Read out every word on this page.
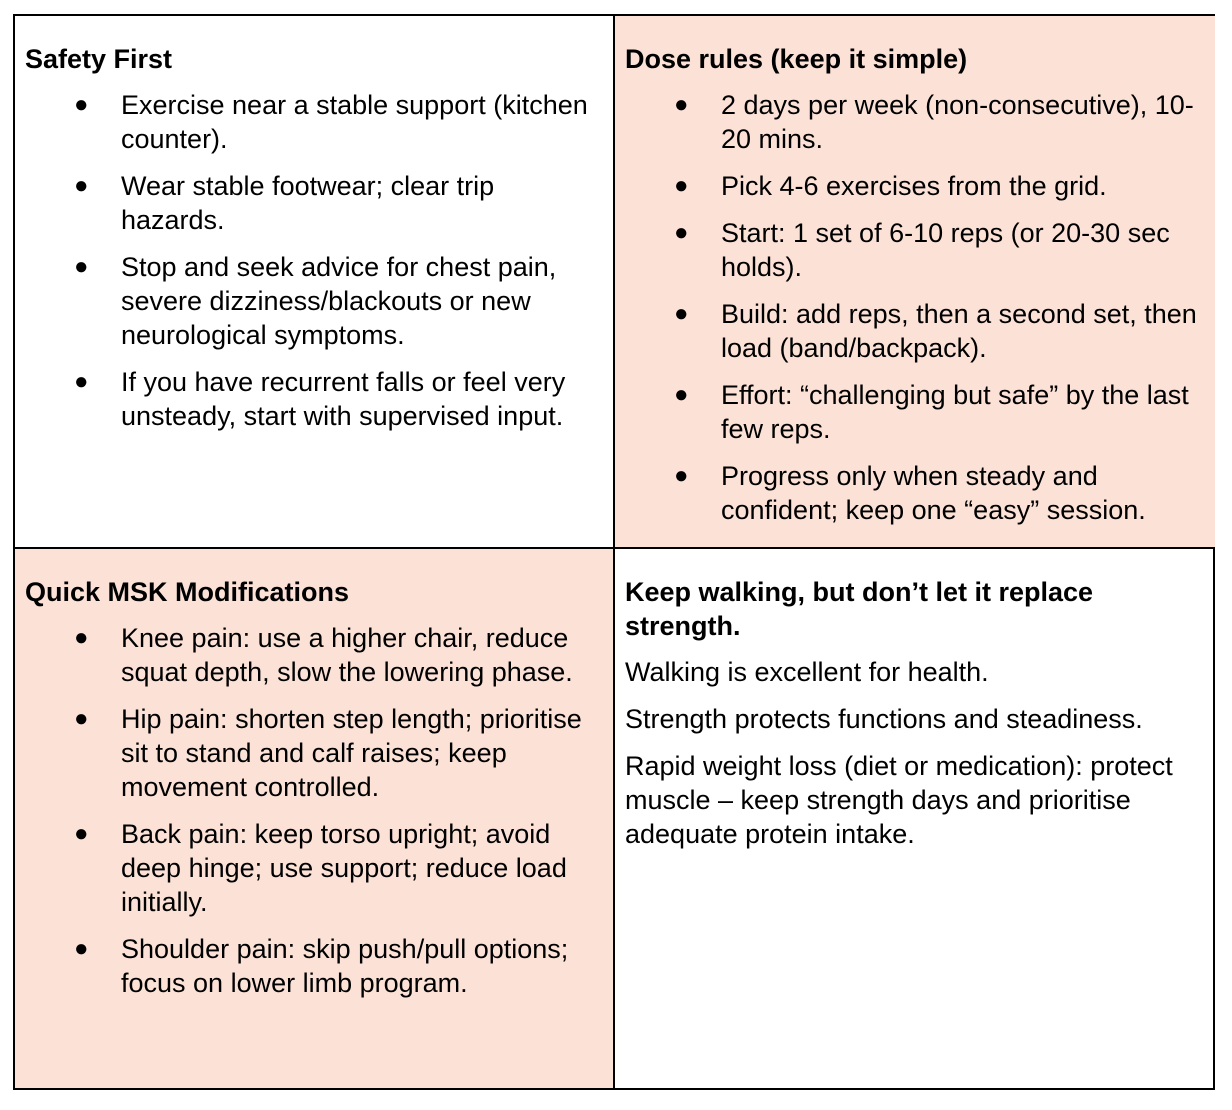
Safety First
● Exercise near a stable support (kitchen counter).
● Wear stable footwear; clear trip hazards.
● Stop and seek advice for chest pain, severe dizziness/blackouts or new neurological symptoms.
● If you have recurrent falls or feel very unsteady, start with supervised input.
Dose rules (keep it simple)
● 2 days per week (non-consecutive), 10-20 mins.
● Pick 4-6 exercises from the grid.
● Start: 1 set of 6-10 reps (or 20-30 sec holds).
● Build: add reps, then a second set, then load (band/backpack).
● Effort: “challenging but safe” by the last few reps.
● Progress only when steady and confident; keep one “easy” session.
Quick MSK Modifications
● Knee pain: use a higher chair, reduce squat depth, slow the lowering phase.
● Hip pain: shorten step length; prioritise sit to stand and calf raises; keep movement controlled.
● Back pain: keep torso upright; avoid deep hinge; use support; reduce load initially.
● Shoulder pain: skip push/pull options; focus on lower limb program.
Keep walking, but don’t let it replace strength.

Walking is excellent for health.

Strength protects functions and steadiness.

Rapid weight loss (diet or medication): protect muscle – keep strength days and prioritise adequate protein intake.
